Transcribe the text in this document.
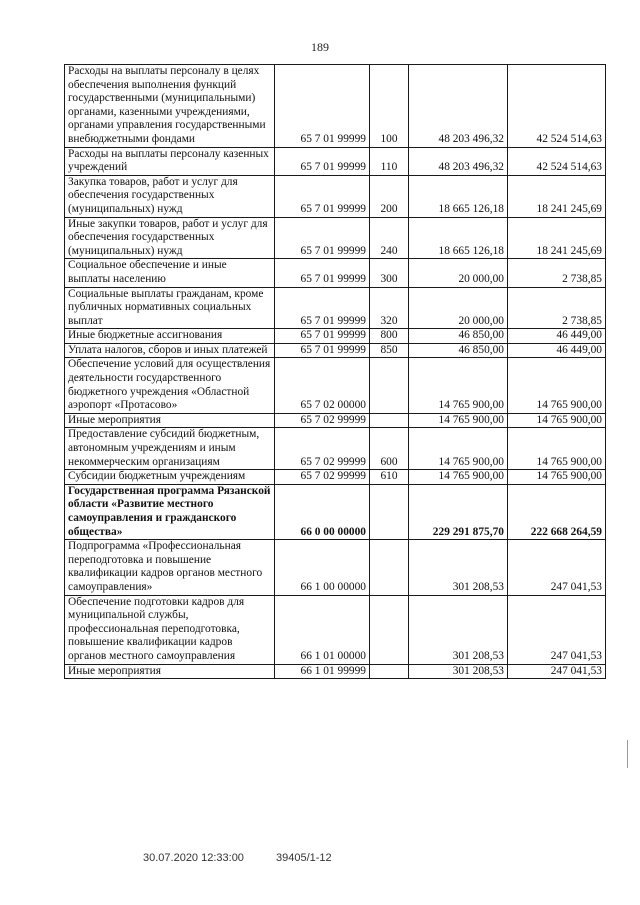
189
Расходы на выплаты персоналу в целях обеспечения выполнения функций государственными (муниципальными) органами, казенными учреждениями, органами управления государственными внебюджетными фондами	65 7 01 99999	100	48 203 496,32	42 524 514,63
Расходы на выплаты персоналу казенных учреждений	65 7 01 99999	110	48 203 496,32	42 524 514,63
Закупка товаров, работ и услуг для обеспечения государственных (муниципальных) нужд	65 7 01 99999	200	18 665 126,18	18 241 245,69
Иные закупки товаров, работ и услуг для обеспечения государственных (муниципальных) нужд	65 7 01 99999	240	18 665 126,18	18 241 245,69
Социальное обеспечение и иные выплаты населению	65 7 01 99999	300	20 000,00	2 738,85
Социальные выплаты гражданам, кроме публичных нормативных социальных выплат	65 7 01 99999	320	20 000,00	2 738,85
Иные бюджетные ассигнования	65 7 01 99999	800	46 850,00	46 449,00
Уплата налогов, сборов и иных платежей	65 7 01 99999	850	46 850,00	46 449,00
Обеспечение условий для осуществления деятельности государственного бюджетного учреждения «Областной аэропорт «Протасово»	65 7 02 00000		14 765 900,00	14 765 900,00
Иные мероприятия	65 7 02 99999		14 765 900,00	14 765 900,00
Предоставление субсидий бюджетным, автономным учреждениям и иным некоммерческим организациям	65 7 02 99999	600	14 765 900,00	14 765 900,00
Субсидии бюджетным учреждениям	65 7 02 99999	610	14 765 900,00	14 765 900,00
Государственная программа Рязанской области «Развитие местного самоуправления и гражданского общества»	66 0 00 00000		229 291 875,70	222 668 264,59
Подпрограмма «Профессиональная переподготовка и повышение квалификации кадров органов местного самоуправления»	66 1 00 00000		301 208,53	247 041,53
Обеспечение подготовки кадров для муниципальной службы, профессиональная переподготовка, повышение квалификации кадров органов местного самоуправления	66 1 01 00000		301 208,53	247 041,53
Иные мероприятия	66 1 01 99999		301 208,53	247 041,53
30.07.2020 12:33:00	39405/1-12
